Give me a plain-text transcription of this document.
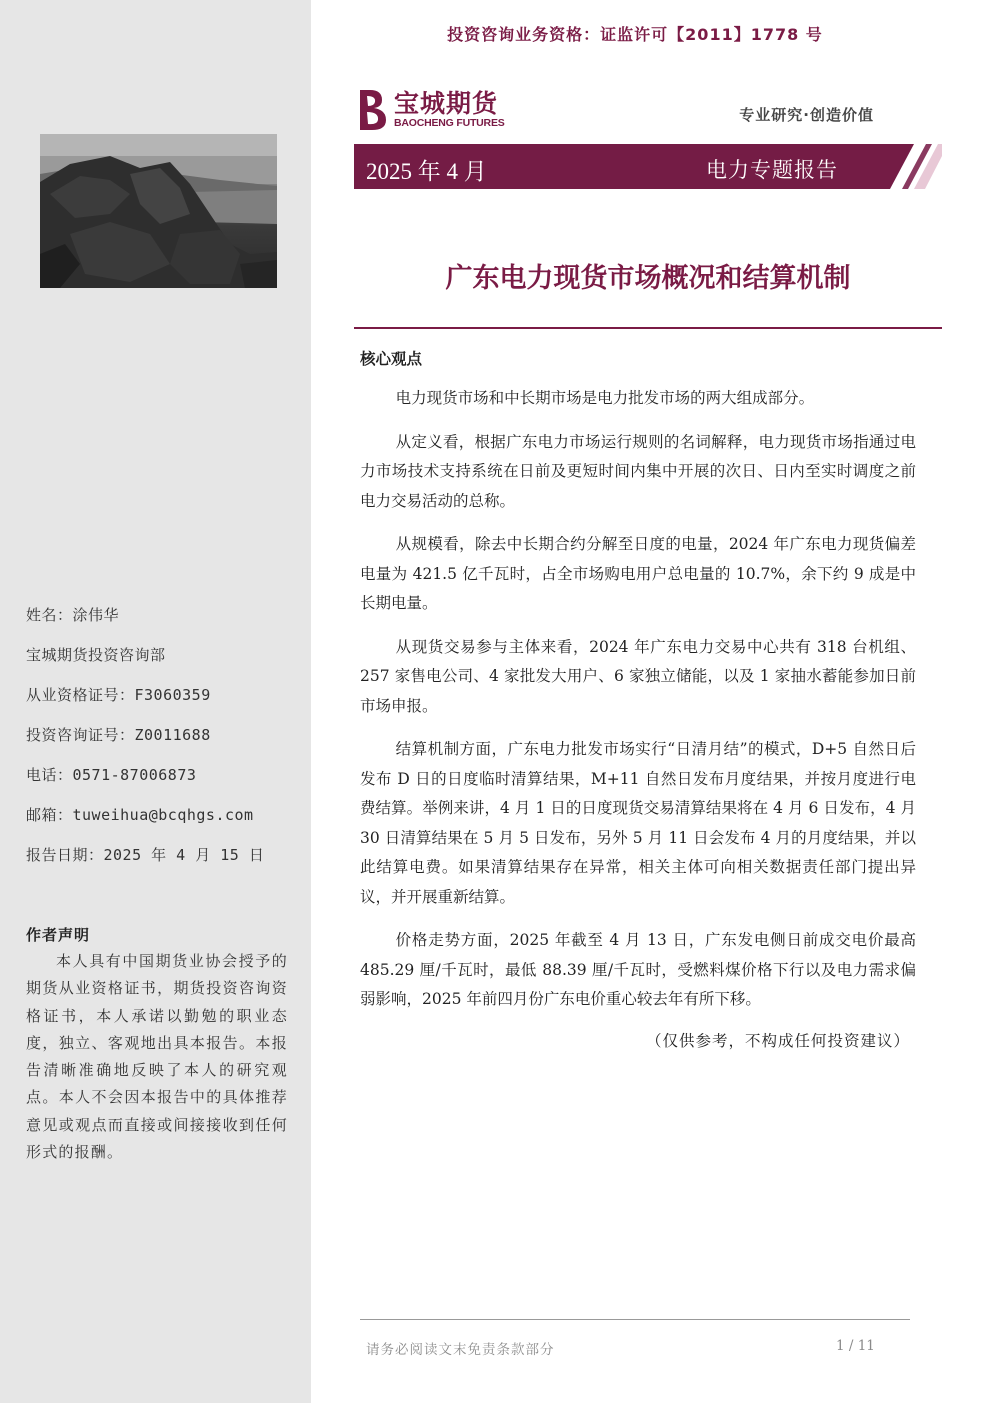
姓名：涂伟华
宝城期货投资咨询部
从业资格证号：F3060359
投资咨询证号：Z0011688
电话：0571-87006873
邮箱：tuweihua@bcqhgs.com
报告日期：2025 年 4 月 15 日
作者声明
本人具有中国期货业协会授予的期货从业资格证书，期货投资咨询资格证书，本人承诺以勤勉的职业态度，独立、客观地出具本报告。本报告清晰准确地反映了本人的研究观点。本人不会因本报告中的具体推荐意见或观点而直接或间接接收到任何形式的报酬。
投资咨询业务资格：证监许可【2011】1778 号
宝城期货
BAOCHENG FUTURES	专业研究·创造价值
2025 年 4 月	电力专题报告
广东电力现货市场概况和结算机制
核心观点

电力现货市场和中长期市场是电力批发市场的两大组成部分。

从定义看，根据广东电力市场运行规则的名词解释，电力现货市场指通过电力市场技术支持系统在日前及更短时间内集中开展的次日、日内至实时调度之前电力交易活动的总称。

从规模看，除去中长期合约分解至日度的电量，2024 年广东电力现货偏差电量为 421.5 亿千瓦时，占全市场购电用户总电量的 10.7%，余下约 9 成是中长期电量。

从现货交易参与主体来看，2024 年广东电力交易中心共有 318 台机组、257 家售电公司、4 家批发大用户、6 家独立储能，以及 1 家抽水蓄能参加日前市场申报。

结算机制方面，广东电力批发市场实行“日清月结”的模式，D+5 自然日后发布 D 日的日度临时清算结果，M+11 自然日发布月度结果，并按月度进行电费结算。举例来讲，4 月 1 日的日度现货交易清算结果将在 4 月 6 日发布，4 月 30 日清算结果在 5 月 5 日发布，另外 5 月 11 日会发布 4 月的月度结果，并以此结算电费。如果清算结果存在异常，相关主体可向相关数据责任部门提出异议，并开展重新结算。

价格走势方面，2025 年截至 4 月 13 日，广东发电侧日前成交电价最高 485.29 厘/千瓦时，最低 88.39 厘/千瓦时，受燃料煤价格下行以及电力需求偏弱影响，2025 年前四月份广东电价重心较去年有所下移。

（仅供参考，不构成任何投资建议）

请务必阅读文末免责条款部分	1 / 11
